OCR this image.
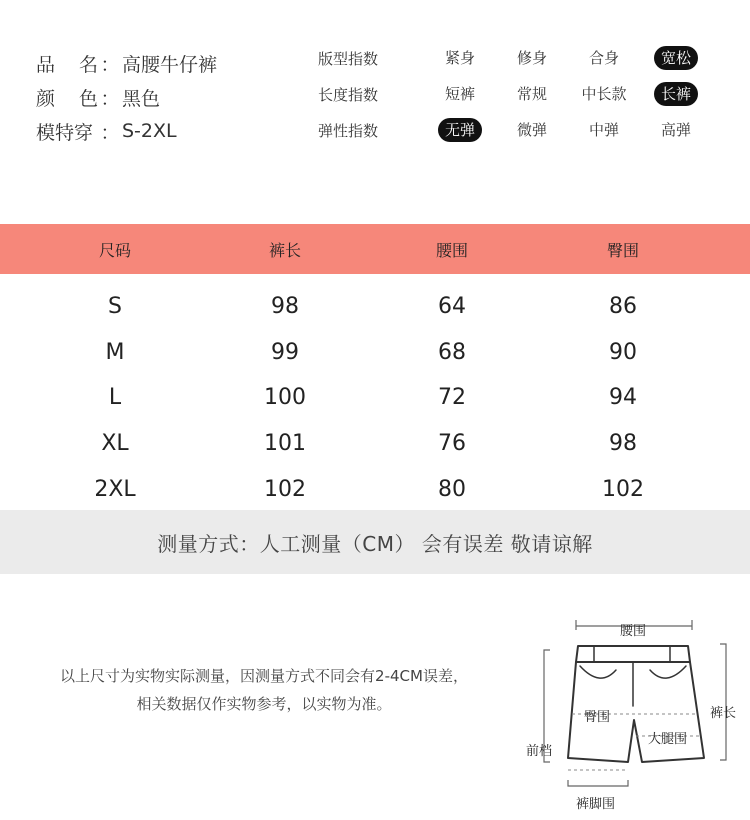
品 名 ： 高腰牛仔裤
颜 色 ： 黑色
模特穿 ： S-2XL
版型指数	紧身	修身	合身	宽松
长度指数	短裤	常规	中长款	长裤
弹性指数	无弹	微弹	中弹	高弹
尺码	裤长	腰围	臀围
S	98	64	86
M	99	68	90
L	100	72	94
XL	101	76	98
2XL	102	80	102
测量方式：人工测量（CM） 会有误差 敬请谅解
以上尺寸为实物实际测量，因测量方式不同会有2-4CM误差，
相关数据仅作实物参考，以实物为准。
腰围
臀围
大腿围
裤长
前档
裤脚围
